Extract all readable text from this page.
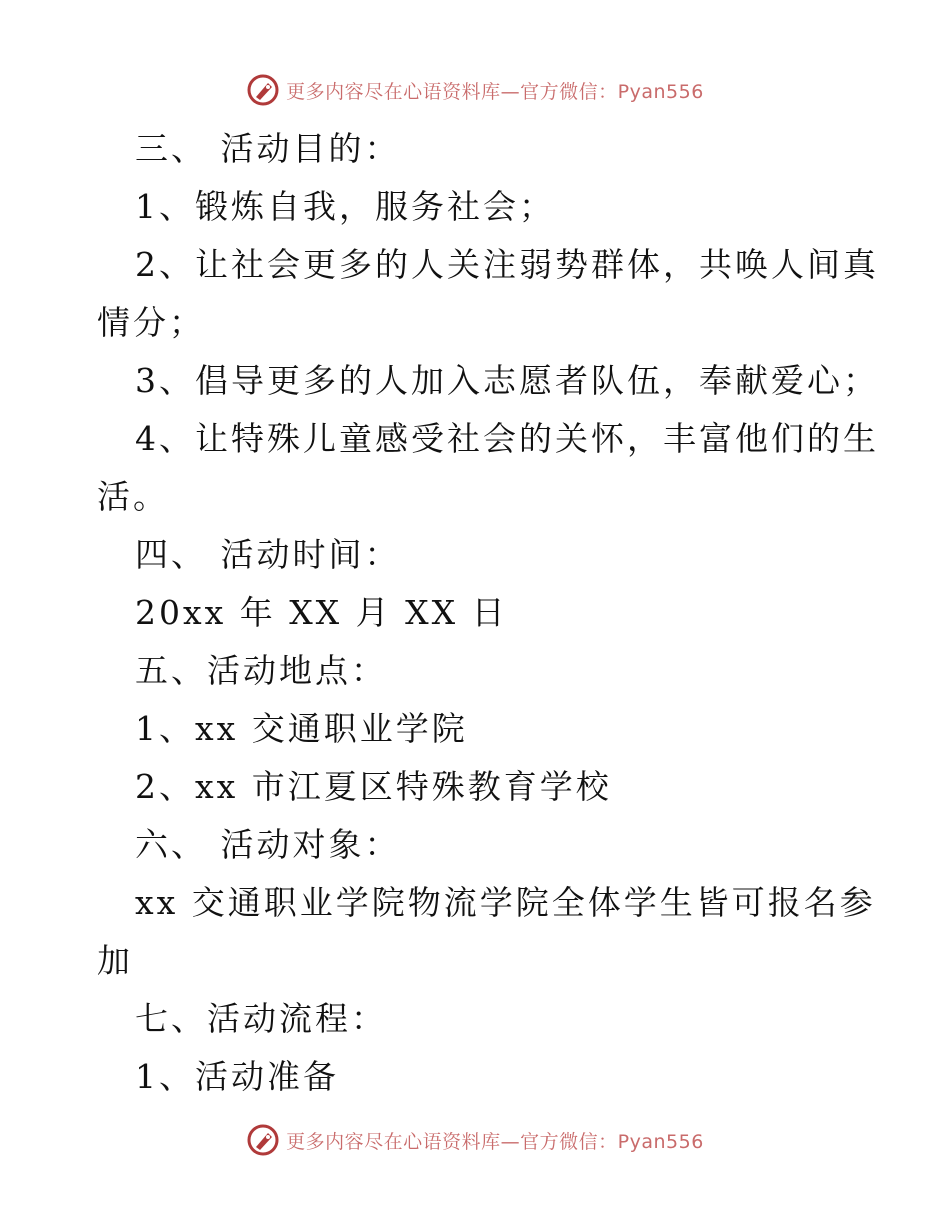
更多内容尽在心语资料库—官方微信：Pyan556
三、 活动目的：
1、锻炼自我，服务社会；
2、让社会更多的人关注弱势群体，共唤人间真
情分；
3、倡导更多的人加入志愿者队伍，奉献爱心；
4、让特殊儿童感受社会的关怀，丰富他们的生
活。
四、 活动时间：
20xx 年 XX 月 XX 日
五、活动地点：
1、xx 交通职业学院
2、xx 市江夏区特殊教育学校
六、 活动对象：
xx 交通职业学院物流学院全体学生皆可报名参
加
七、活动流程：
1、活动准备
更多内容尽在心语资料库—官方微信：Pyan556
